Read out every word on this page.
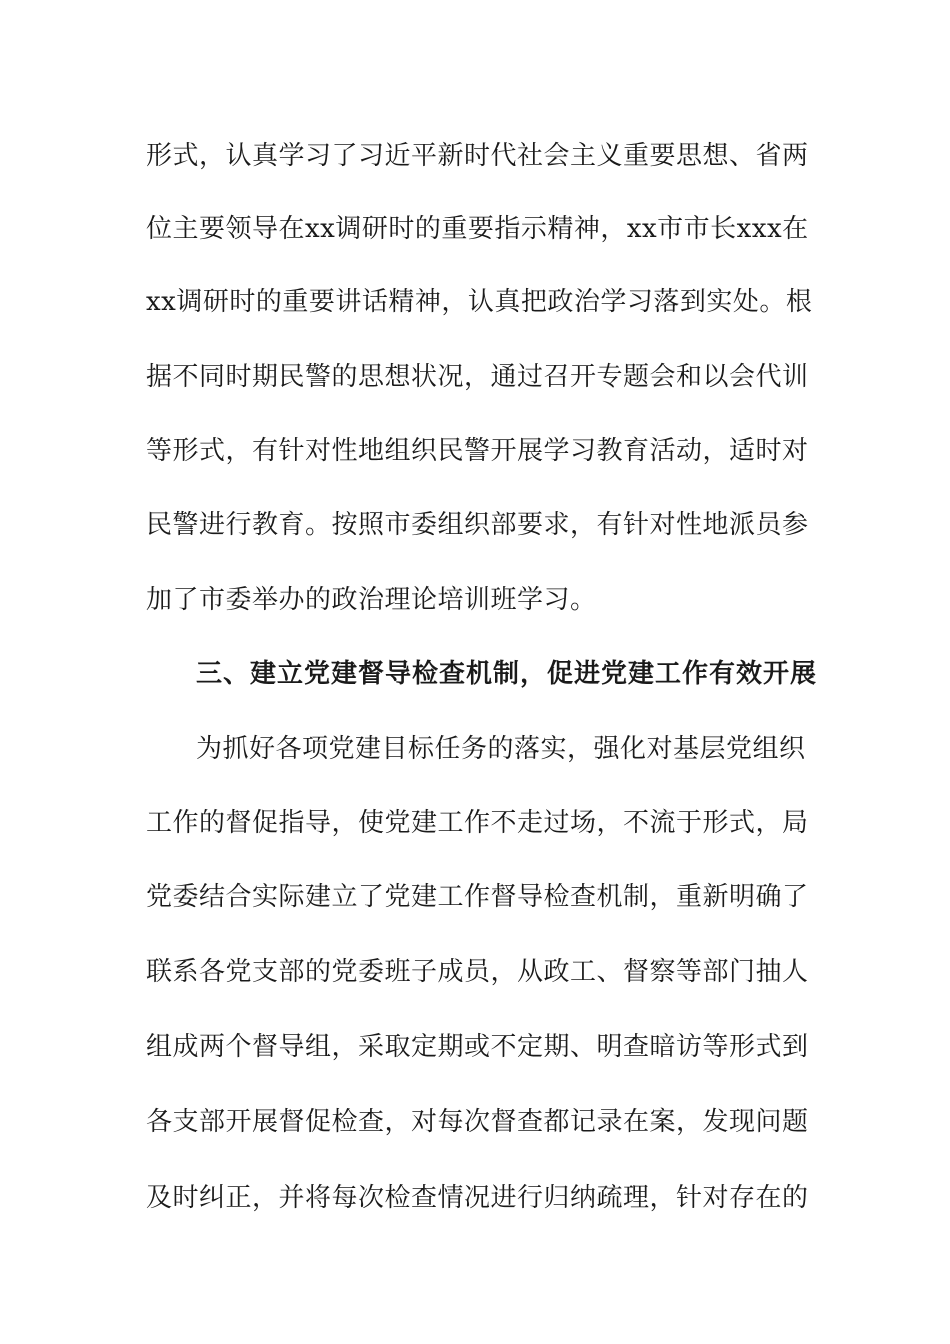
形式，认真学习了习近平新时代社会主义重要思想、省两
位主要领导在xx调研时的重要指示精神，xx市市长xxx在
xx调研时的重要讲话精神，认真把政治学习落到实处。根
据不同时期民警的思想状况，通过召开专题会和以会代训
等形式，有针对性地组织民警开展学习教育活动，适时对
民警进行教育。按照市委组织部要求，有针对性地派员参
加了市委举办的政治理论培训班学习。
三、建立党建督导检查机制，促进党建工作有效开展
为抓好各项党建目标任务的落实，强化对基层党组织
工作的督促指导，使党建工作不走过场，不流于形式，局
党委结合实际建立了党建工作督导检查机制，重新明确了
联系各党支部的党委班子成员，从政工、督察等部门抽人
组成两个督导组，采取定期或不定期、明查暗访等形式到
各支部开展督促检查，对每次督查都记录在案，发现问题
及时纠正，并将每次检查情况进行归纳疏理，针对存在的
